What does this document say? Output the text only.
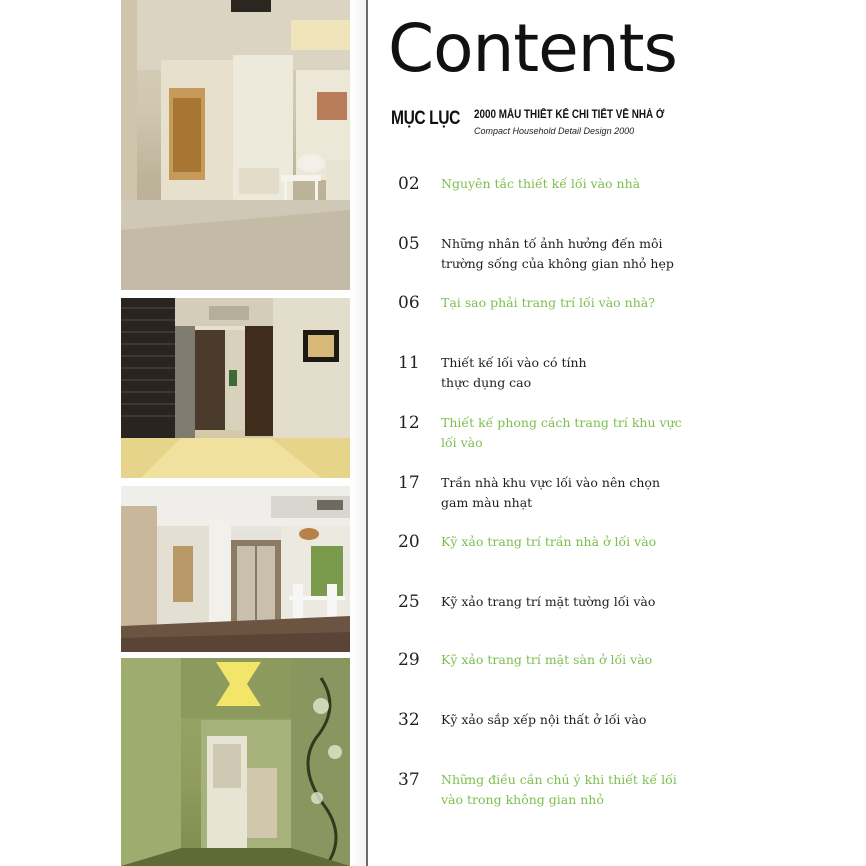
Contents
MỤC LỤC 2000 MẪU THIẾT KẾ CHI TIẾT VỀ NHÀ Ở
Compact Household Detail Design 2000
02 Nguyên tắc thiết kế lối vào nhà
05 Những nhân tố ảnh hưởng đến môi trường sống của không gian nhỏ hẹp
06 Tại sao phải trang trí lối vào nhà?
11 Thiết kế lối vào có tính thực dụng cao
12 Thiết kế phong cách trang trí khu vực lối vào
17 Trần nhà khu vực lối vào nên chọn gam màu nhạt
20 Kỹ xảo trang trí trần nhà ở lối vào
25 Kỹ xảo trang trí mặt tường lối vào
29 Kỹ xảo trang trí mặt sàn ở lối vào
32 Kỹ xảo sắp xếp nội thất ở lối vào
37 Những điều cần chú ý khi thiết kế lối vào trong không gian nhỏ
